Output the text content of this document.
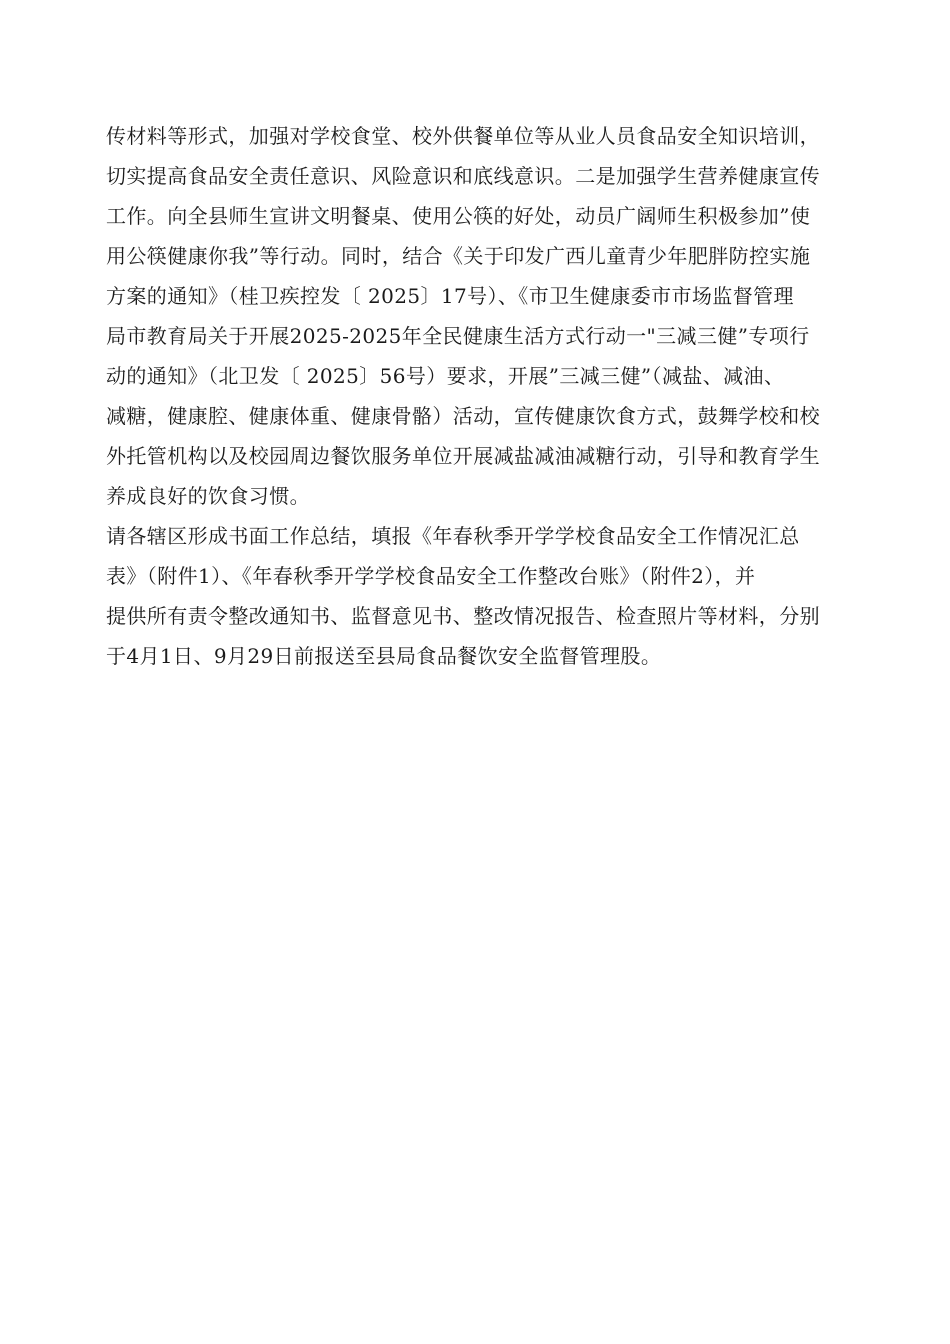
传材料等形式，加强对学校食堂、校外供餐单位等从业人员食品安全知识培训，
切实提高食品安全责任意识、风险意识和底线意识。二是加强学生营养健康宣传
工作。向全县师生宣讲文明餐桌、使用公筷的好处，动员广阔师生积极参加”使
用公筷健康你我”等行动。同时，结合《关于印发广西儿童青少年肥胖防控实施
方案的通知》（桂卫疾控发〔 2025〕17号）、《市卫生健康委市市场监督管理
局市教育局关于开展2025-2025年全民健康生活方式行动一"三减三健”专项行
动的通知》（北卫发〔 2025〕56号）要求，开展”三减三健”（减盐、减油、
减糖，健康腔、健康体重、健康骨骼）活动，宣传健康饮食方式，鼓舞学校和校
外托管机构以及校园周边餐饮服务单位开展减盐减油减糖行动，引导和教育学生
养成良好的饮食习惯。
请各辖区形成书面工作总结，填报《年春秋季开学学校食品安全工作情况汇总
表》（附件1）、《年春秋季开学学校食品安全工作整改台账》（附件2），并
提供所有责令整改通知书、监督意见书、整改情况报告、检查照片等材料，分别
于4月1日、9月29日前报送至县局食品餐饮安全监督管理股。
